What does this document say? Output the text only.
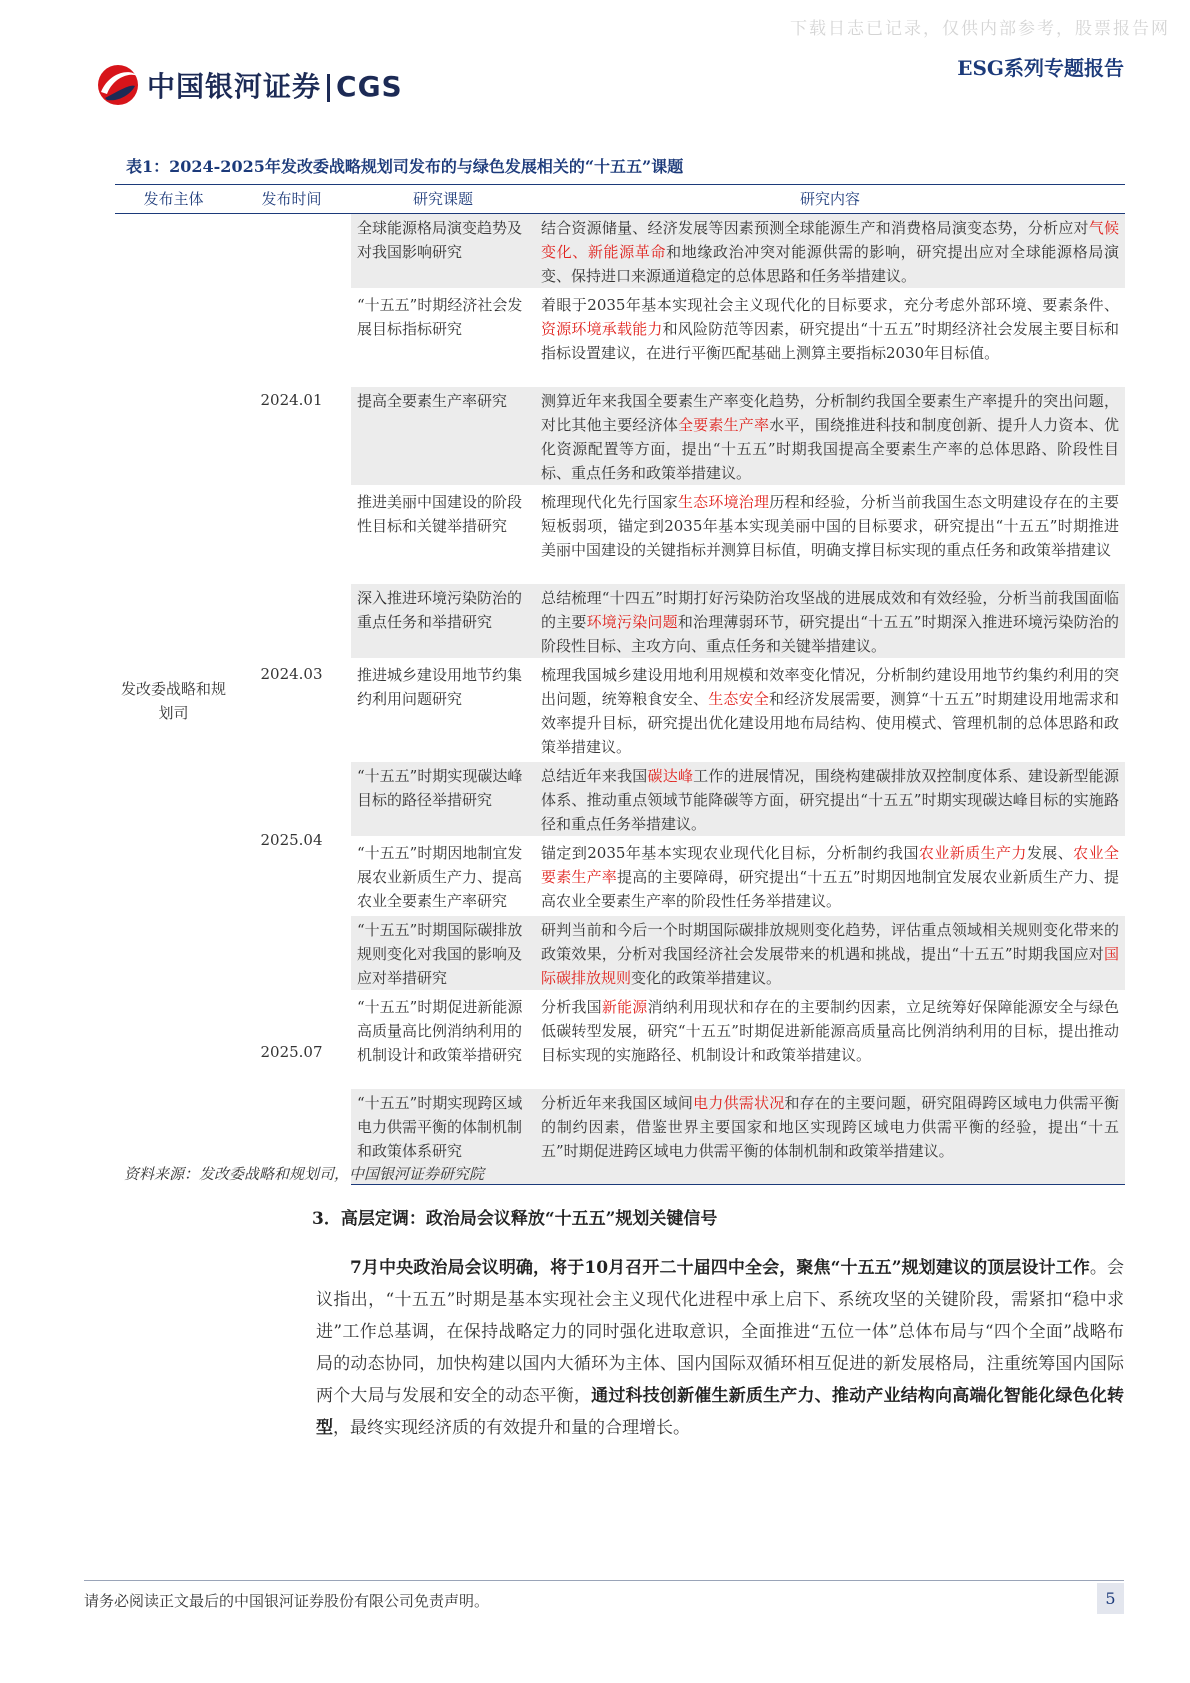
下载日志已记录，仅供内部参考，股票报告网
中国银河证券 CGS
ESG系列专题报告
表1：2024-2025年发改委战略规划司发布的与绿色发展相关的“十五五”课题
发布主体	发布时间	研究课题	研究内容
发改委战略和规划司	2024.01	全球能源格局演变趋势及对我国影响研究	结合资源储量、经济发展等因素预测全球能源生产和消费格局演变态势，分析应对气候变化、新能源革命和地缘政治冲突对能源供需的影响，研究提出应对全球能源格局演变、保持进口来源通道稳定的总体思路和任务举措建议。
		“十五五”时期经济社会发展目标指标研究	着眼于2035年基本实现社会主义现代化的目标要求，充分考虑外部环境、要素条件、资源环境承载能力和风险防范等因素，研究提出“十五五”时期经济社会发展主要目标和指标设置建议，在进行平衡匹配基础上测算主要指标2030年目标值。
		提高全要素生产率研究	测算近年来我国全要素生产率变化趋势，分析制约我国全要素生产率提升的突出问题，对比其他主要经济体全要素生产率水平，围绕推进科技和制度创新、提升人力资本、优化资源配置等方面，提出“十五五”时期我国提高全要素生产率的总体思路、阶段性目标、重点任务和政策举措建议。
		推进美丽中国建设的阶段性目标和关键举措研究	梳理现代化先行国家生态环境治理历程和经验，分析当前我国生态文明建设存在的主要短板弱项，锚定到2035年基本实现美丽中国的目标要求，研究提出“十五五”时期推进美丽中国建设的关键指标并测算目标值，明确支撑目标实现的重点任务和政策举措建议
	2024.03	深入推进环境污染防治的重点任务和举措研究	总结梳理“十四五”时期打好污染防治攻坚战的进展成效和有效经验，分析当前我国面临的主要环境污染问题和治理薄弱环节，研究提出“十五五”时期深入推进环境污染防治的阶段性目标、主攻方向、重点任务和关键举措建议。
		推进城乡建设用地节约集约利用问题研究	梳理我国城乡建设用地利用规模和效率变化情况，分析制约建设用地节约集约利用的突出问题，统筹粮食安全、生态安全和经济发展需要，测算“十五五”时期建设用地需求和效率提升目标，研究提出优化建设用地布局结构、使用模式、管理机制的总体思路和政策举措建议。
	2025.04	“十五五”时期实现碳达峰目标的路径举措研究	总结近年来我国碳达峰工作的进展情况，围绕构建碳排放双控制度体系、建设新型能源体系、推动重点领域节能降碳等方面，研究提出“十五五”时期实现碳达峰目标的实施路径和重点任务举措建议。
		“十五五”时期因地制宜发展农业新质生产力、提高农业全要素生产率研究	锚定到2035年基本实现农业现代化目标，分析制约我国农业新质生产力发展、农业全要素生产率提高的主要障碍，研究提出“十五五”时期因地制宜发展农业新质生产力、提高农业全要素生产率的阶段性任务举措建议。
	2025.07	“十五五”时期国际碳排放规则变化对我国的影响及应对举措研究	研判当前和今后一个时期国际碳排放规则变化趋势，评估重点领域相关规则变化带来的政策效果，分析对我国经济社会发展带来的机遇和挑战，提出“十五五”时期我国应对国际碳排放规则变化的政策举措建议。
		“十五五”时期促进新能源高质量高比例消纳利用的机制设计和政策举措研究	分析我国新能源消纳利用现状和存在的主要制约因素，立足统筹好保障能源安全与绿色低碳转型发展，研究“十五五”时期促进新能源高质量高比例消纳利用的目标，提出推动目标实现的实施路径、机制设计和政策举措建议。
		“十五五”时期实现跨区域电力供需平衡的体制机制和政策体系研究	分析近年来我国区域间电力供需状况和存在的主要问题，研究阻碍跨区域电力供需平衡的制约因素，借鉴世界主要国家和地区实现跨区域电力供需平衡的经验，提出“十五五”时期促进跨区域电力供需平衡的体制机制和政策举措建议。
资料来源：发改委战略和规划司，中国银河证券研究院
3．高层定调：政治局会议释放“十五五”规划关键信号

7月中央政治局会议明确，将于10月召开二十届四中全会，聚焦“十五五”规划建议的顶层设计工作。会议指出，“十五五”时期是基本实现社会主义现代化进程中承上启下、系统攻坚的关键阶段，需紧扣“稳中求进”工作总基调，在保持战略定力的同时强化进取意识，全面推进“五位一体”总体布局与“四个全面”战略布局的动态协同，加快构建以国内大循环为主体、国内国际双循环相互促进的新发展格局，注重统筹国内国际两个大局与发展和安全的动态平衡，通过科技创新催生新质生产力、推动产业结构向高端化智能化绿色化转型，最终实现经济质的有效提升和量的合理增长。

请务必阅读正文最后的中国银河证券股份有限公司免责声明。	5
